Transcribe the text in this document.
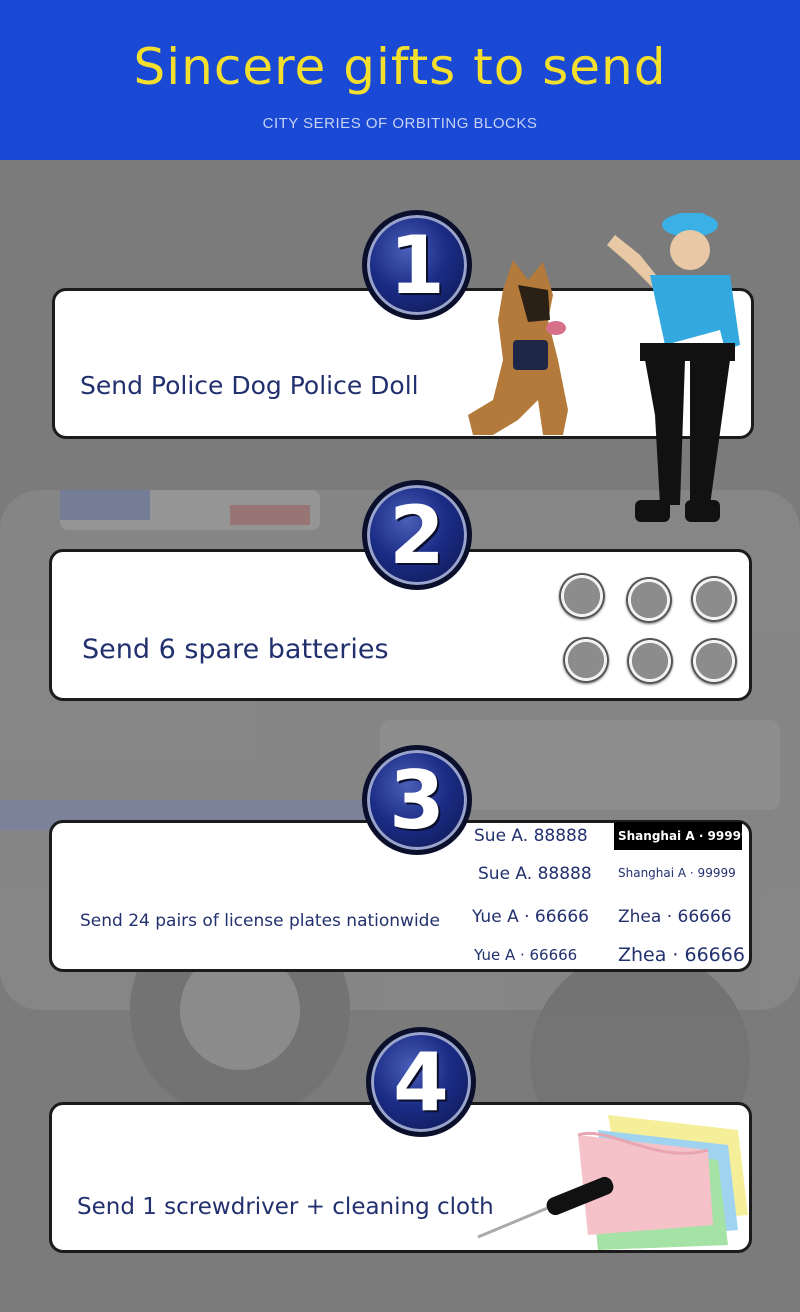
Sincere gifts to send
CITY SERIES OF ORBITING BLOCKS
Send Police Dog Police Doll
1
Send 6 spare batteries
2
Send 24 pairs of license plates nationwide
3	Sue A. 88888	Shanghai A · 99999
Sue A. 88888 Shanghai A · 99999
Yue A · 66666 Zhea · 66666
Yue A · 66666 Zhea · 66666
Send 1 screwdriver + cleaning cloth
4
